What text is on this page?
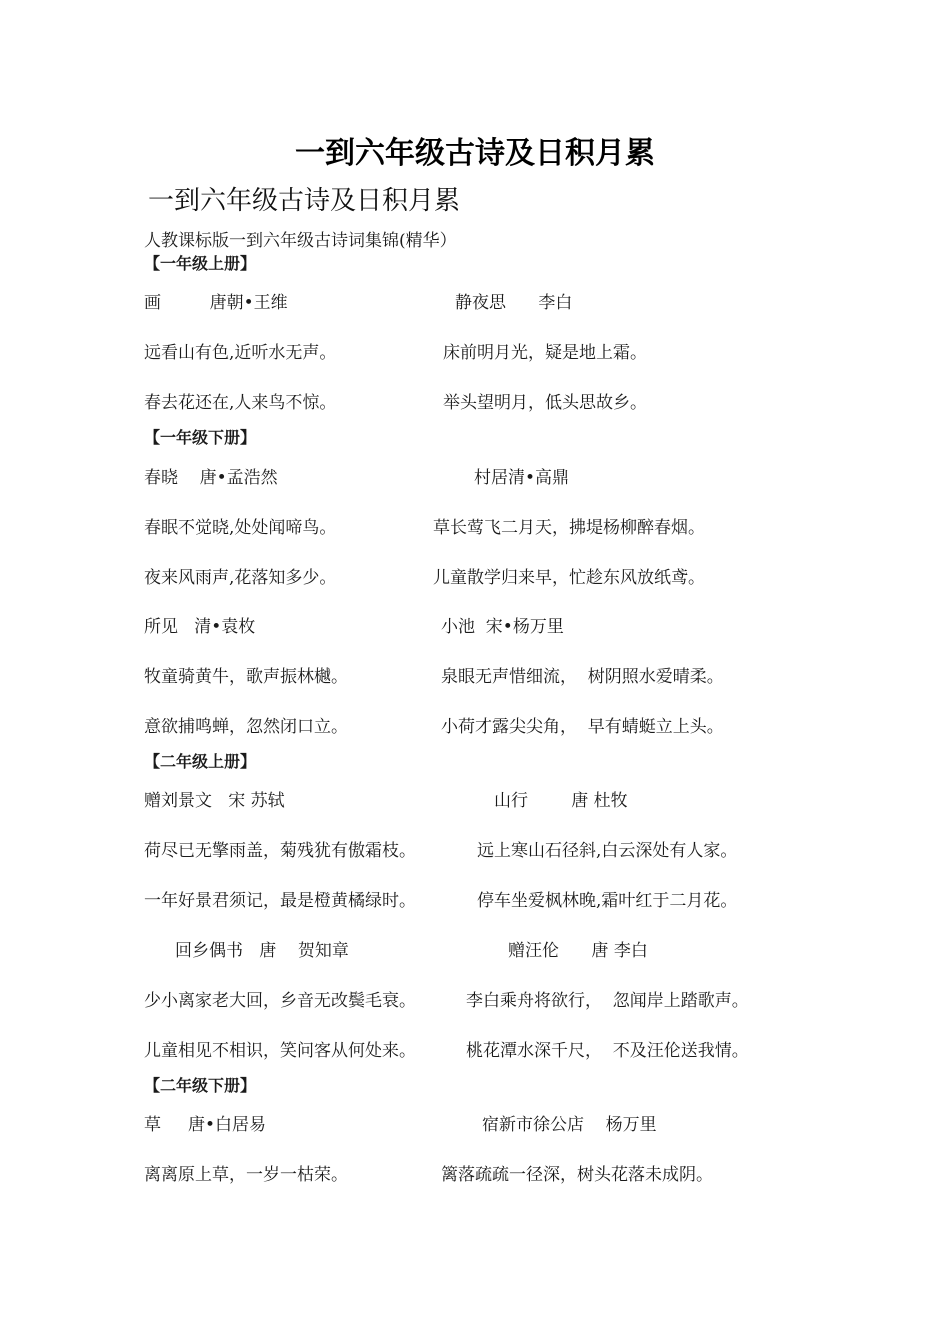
一到六年级古诗及日积月累
一到六年级古诗及日积月累
人教课标版一到六年级古诗词集锦(精华）
【一年级上册】
画         唐朝•王维	静夜思      李白
远看山有色,近听水无声。	床前明月光，疑是地上霜。
春去花还在,人来鸟不惊。	举头望明月，低头思故乡。
【一年级下册】
春晓    唐•孟浩然	村居清•高鼎
春眠不觉晓,处处闻啼鸟。	草长莺飞二月天，拂堤杨柳醉春烟。
夜来风雨声,花落知多少。	儿童散学归来早，忙趁东风放纸鸢。
所见   清•袁枚	小池  宋•杨万里
牧童骑黄牛，歌声振林樾。	泉眼无声惜细流，  树阴照水爱晴柔。
意欲捕鸣蝉，忽然闭口立。	小荷才露尖尖角，  早有蜻蜓立上头。
【二年级上册】
赠刘景文   宋 苏轼	山行        唐 杜牧
荷尽已无擎雨盖，菊残犹有傲霜枝。	远上寒山石径斜,白云深处有人家。
一年好景君须记，最是橙黄橘绿时。	停车坐爱枫林晚,霜叶红于二月花。
回乡偶书   唐    贺知章	赠汪伦      唐 李白
少小离家老大回，乡音无改鬓毛衰。	李白乘舟将欲行，  忽闻岸上踏歌声。
儿童相见不相识，笑问客从何处来。	桃花潭水深千尺，  不及汪伦送我情。
【二年级下册】
草     唐•白居易	宿新市徐公店    杨万里
离离原上草，一岁一枯荣。	篱落疏疏一径深，树头花落未成阴。
